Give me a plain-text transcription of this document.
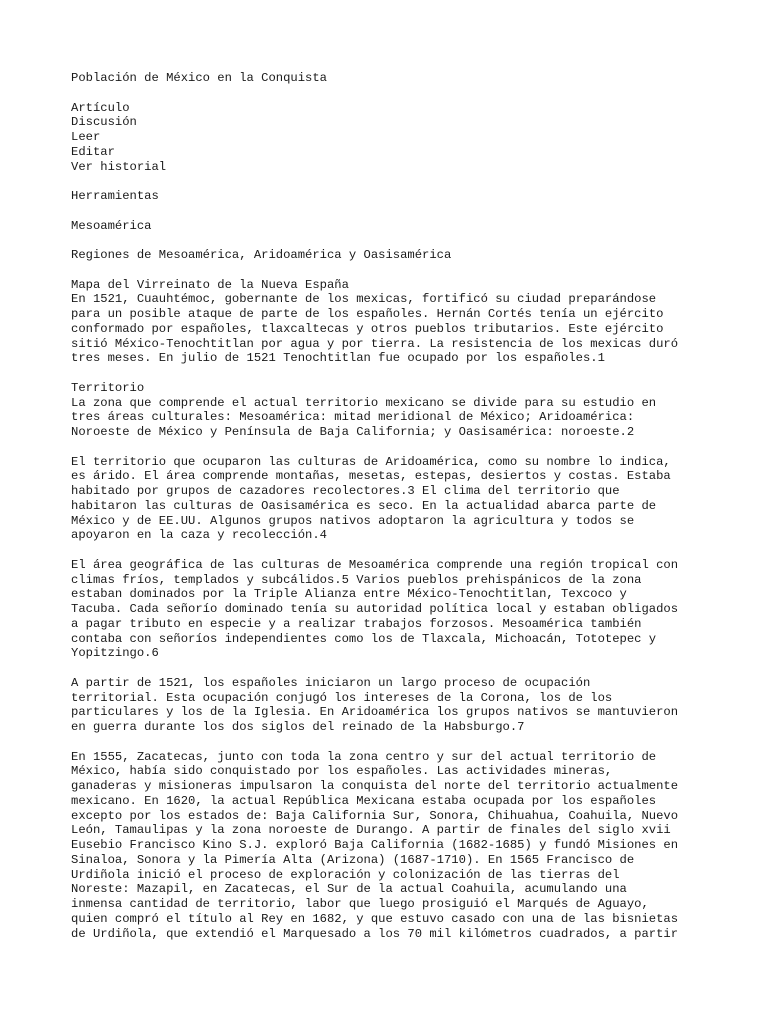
Población de México en la Conquista
Artículo
Discusión
Leer
Editar
Ver historial
Herramientas
Mesoamérica
Regiones de Mesoamérica, Aridoamérica y Oasisamérica
Mapa del Virreinato de la Nueva España
En 1521, Cuauhtémoc, gobernante de los mexicas, fortificó su ciudad preparándose
para un posible ataque de parte de los españoles. Hernán Cortés tenía un ejército
conformado por españoles, tlaxcaltecas y otros pueblos tributarios. Este ejército
sitió México-Tenochtitlan por agua y por tierra. La resistencia de los mexicas duró
tres meses. En julio de 1521 Tenochtitlan fue ocupado por los españoles.1
Territorio
La zona que comprende el actual territorio mexicano se divide para su estudio en
tres áreas culturales: Mesoamérica: mitad meridional de México; Aridoamérica:
Noroeste de México y Península de Baja California; y Oasisamérica: noroeste.2
El territorio que ocuparon las culturas de Aridoamérica, como su nombre lo indica,
es árido. El área comprende montañas, mesetas, estepas, desiertos y costas. Estaba
habitado por grupos de cazadores recolectores.3 El clima del territorio que
habitaron las culturas de Oasisamérica es seco. En la actualidad abarca parte de
México y de EE.UU. Algunos grupos nativos adoptaron la agricultura y todos se
apoyaron en la caza y recolección.4
El área geográfica de las culturas de Mesoamérica comprende una región tropical con
climas fríos, templados y subcálidos.5 Varios pueblos prehispánicos de la zona
estaban dominados por la Triple Alianza entre México-Tenochtitlan, Texcoco y
Tacuba. Cada señorío dominado tenía su autoridad política local y estaban obligados
a pagar tributo en especie y a realizar trabajos forzosos. Mesoamérica también
contaba con señoríos independientes como los de Tlaxcala, Michoacán, Tototepec y
Yopitzingo.6
A partir de 1521, los españoles iniciaron un largo proceso de ocupación
territorial. Esta ocupación conjugó los intereses de la Corona, los de los
particulares y los de la Iglesia. En Aridoamérica los grupos nativos se mantuvieron
en guerra durante los dos siglos del reinado de la Habsburgo.7
En 1555, Zacatecas, junto con toda la zona centro y sur del actual territorio de
México, había sido conquistado por los españoles. Las actividades mineras,
ganaderas y misioneras impulsaron la conquista del norte del territorio actualmente
mexicano. En 1620, la actual República Mexicana estaba ocupada por los españoles
excepto por los estados de: Baja California Sur, Sonora, Chihuahua, Coahuila, Nuevo
León, Tamaulipas y la zona noroeste de Durango. A partir de finales del siglo xvii
Eusebio Francisco Kino S.J. exploró Baja California (1682-1685) y fundó Misiones en
Sinaloa, Sonora y la Pimería Alta (Arizona) (1687-1710). En 1565 Francisco de
Urdiñola inició el proceso de exploración y colonización de las tierras del
Noreste: Mazapil, en Zacatecas, el Sur de la actual Coahuila, acumulando una
inmensa cantidad de territorio, labor que luego prosiguió el Marqués de Aguayo,
quien compró el título al Rey en 1682, y que estuvo casado con una de las bisnietas
de Urdiñola, que extendió el Marquesado a los 70 mil kilómetros cuadrados, a partir
